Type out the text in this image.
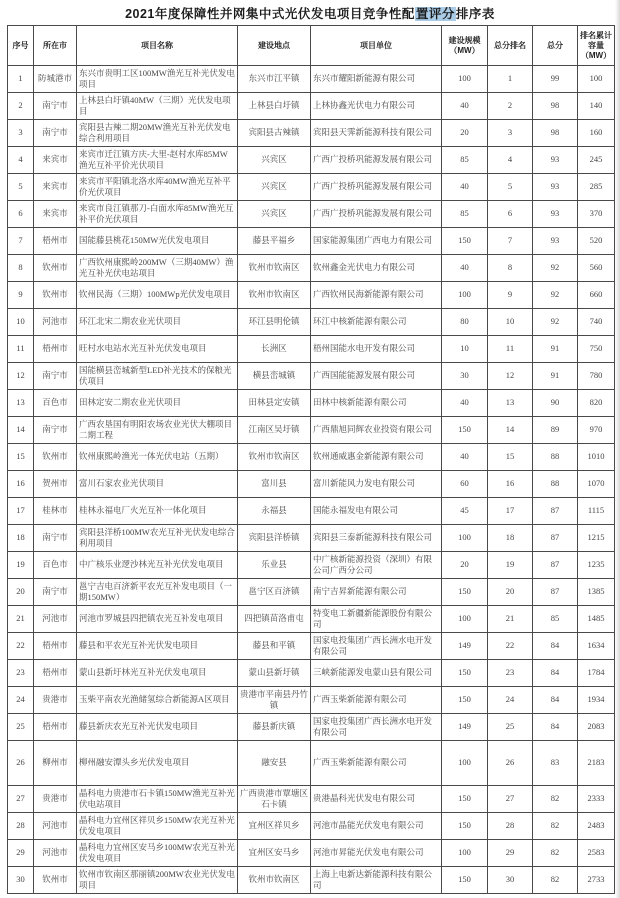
2021年度保障性并网集中式光伏发电项目竞争性配置评分排序表
序号	所在市	项目名称	建设地点	项目单位	建设规模（MW）	总分排名	总分	排名累计容量（MW）
1	防城港市	东兴市贵明工区100MW渔光互补光伏发电项目	东兴市江平镇	东兴市耀阳新能源有限公司	100	1	99	100
2	南宁市	上林县白圩镇40MW（三期）光伏发电项目	上林县白圩镇	上林协鑫光伏电力有限公司	40	2	98	140
3	南宁市	宾阳县古辣二期20MW渔光互补光伏发电综合利用项目	宾阳县古辣镇	宾阳县天霁新能源科技有限公司	20	3	98	160
4	来宾市	来宾市迁江镇方庆-大里-赵村水库85MW渔光互补平价光伏项目	兴宾区	广西广投桥巩能源发展有限公司	85	4	93	245
5	来宾市	来宾市平阳镇北洛水库40MW渔光互补平价光伏项目	兴宾区	广西广投桥巩能源发展有限公司	40	5	93	285
6	来宾市	来宾市良江镇那刀-白面水库85MW渔光互补平价光伏项目	兴宾区	广西广投桥巩能源发展有限公司	85	6	93	370
7	梧州市	国能藤县桃花150MW光伏发电项目	藤县平福乡	国家能源集团广西电力有限公司	150	7	93	520
8	钦州市	广西钦州康熙岭200MW（三期40MW）渔光互补光伏电站项目	钦州市钦南区	钦州鑫金光伏电力有限公司	40	8	92	560
9	钦州市	钦州民海（三期）100MWp光伏发电项目	钦州市钦南区	广西钦州民海新能源有限公司	100	9	92	660
10	河池市	环江北宋二期农业光伏项目	环江县明伦镇	环江中核新能源有限公司	80	10	92	740
11	梧州市	旺村水电站水光互补光伏发电项目	长洲区	梧州国能水电开发有限公司	10	11	91	750
12	南宁市	国能横县峦城新型LED补光技术的保粮光伏项目	横县峦城镇	广西国能能源发展有限公司	30	12	91	780
13	百色市	田林定安二期农业光伏项目	田林县定安镇	田林中核新能源有限公司	40	13	90	820
14	南宁市	广西农垦国有明阳农场农业光伏大棚项目二期工程	江南区吴圩镇	广西鼎旭同辉农业投资有限公司	150	14	89	970
15	钦州市	钦州康熙岭渔光一体光伏电站（五期）	钦州市钦南区	钦州通威惠金新能源有限公司	40	15	88	1010
16	贺州市	富川石家农业光伏项目	富川县	富川新能风力发电有限公司	60	16	88	1070
17	桂林市	桂林永福电厂火光互补一体化项目	永福县	国能永福发电有限公司	45	17	87	1115
18	南宁市	宾阳县洋桥100MW农光互补光伏发电综合利用项目	宾阳县洋桥镇	宾阳县三泰新能源科技有限公司	100	18	87	1215
19	百色市	中广核乐业逻沙林光互补光伏发电项目	乐业县	中广核新能源投资（深圳）有限公司广西分公司	20	19	87	1235
20	南宁市	邕宁吉电百济新平农光互补发电项目（一期150MW）	邕宁区百济镇	南宁吉昇新能源有限公司	150	20	87	1385
21	河池市	河池市罗城县四把镇农光互补发电项目	四把镇苗洛甫屯	特变电工新疆新能源股份有限公司	100	21	85	1485
22	梧州市	藤县和平农光互补光伏发电项目	藤县和平镇	国家电投集团广西长洲水电开发有限公司	149	22	84	1634
23	梧州市	蒙山县新圩林光互补光伏发电项目	蒙山县新圩镇	三峡新能源发电蒙山县有限公司	150	23	84	1784
24	贵港市	玉柴平南农光渔储氢综合新能源A区项目	贵港市平南县丹竹镇	广西玉柴新能源有限公司	150	24	84	1934
25	梧州市	藤县新庆农光互补光伏发电项目	藤县新庆镇	国家电投集团广西长洲水电开发有限公司	149	25	84	2083
26	柳州市	柳州融安潭头乡光伏发电项目	融安县	广西玉柴新能源有限公司	100	26	83	2183
27	贵港市	晶科电力贵港市石卡镇150MW渔光互补光伏电站项目	广西贵港市覃塘区石卡镇	贵港晶科光伏发电有限公司	150	27	82	2333
28	河池市	晶科电力宜州区祥贝乡150MW农光互补光伏发电项目	宜州区祥贝乡	河池市晶能光伏发电有限公司	150	28	82	2483
29	河池市	晶科电力宜州区安马乡100MW农光互补光伏发电项目	宜州区安马乡	河池市昇能光伏发电有限公司	100	29	82	2583
30	钦州市	钦州市钦南区那丽镇200MW农业光伏发电项目	钦州市钦南区	上海上电新达新能源科技有限公司	150	30	82	2733
